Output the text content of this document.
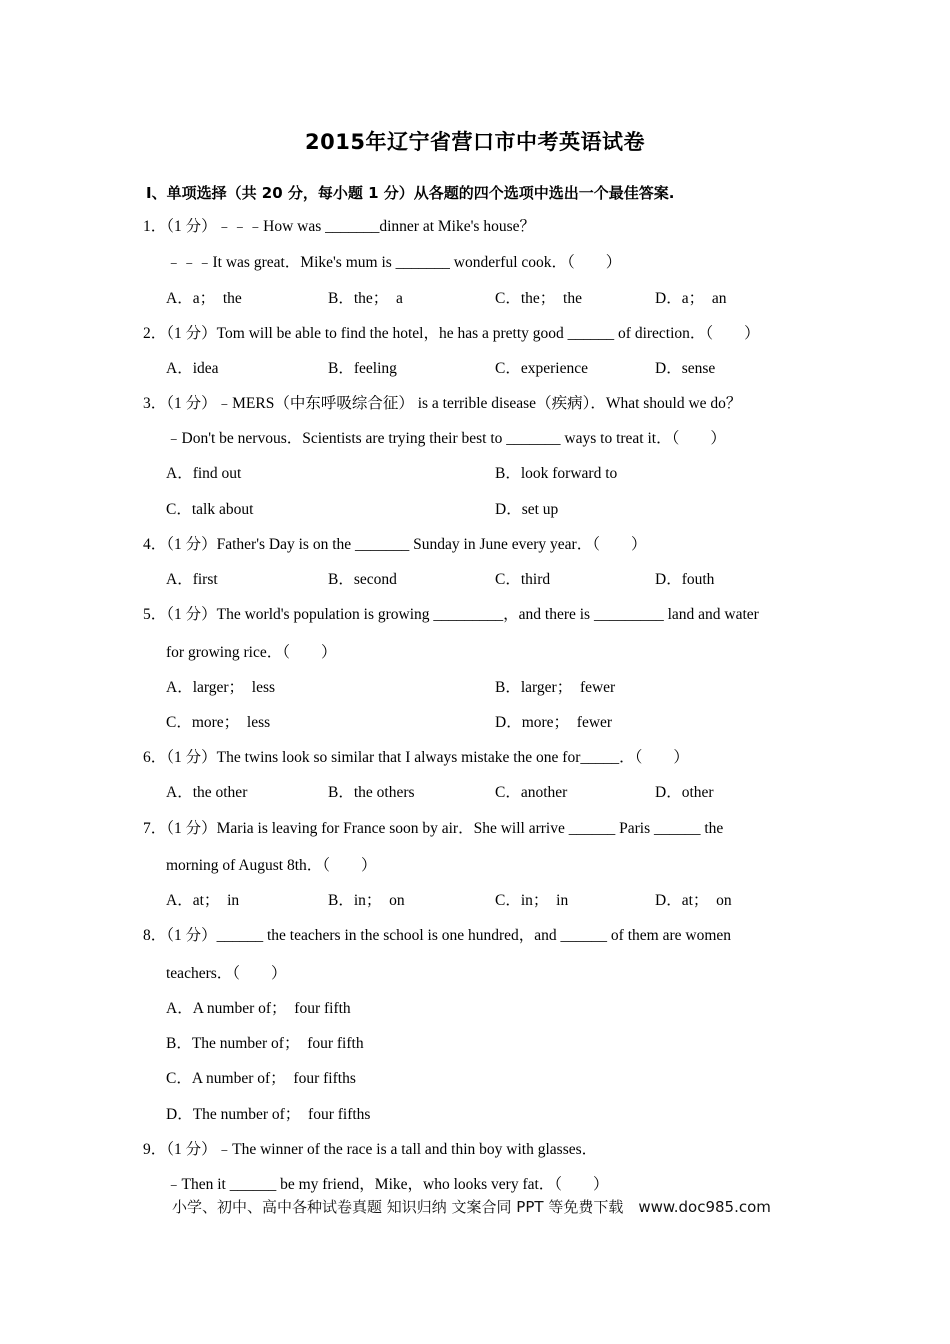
2015年辽宁省营口市中考英语试卷
I、单项选择（共 20 分，每小题 1 分）从各题的四个选项中选出一个最佳答案.
1．（1 分）﹣﹣﹣How was _______dinner at Mike's house？
﹣﹣﹣It was great．Mike's mum is _______ wonderful cook．（　　）
A．a；　the	B．the；　a	C．the；　the	D．a；　an
2．（1 分）Tom will be able to find the hotel，he has a pretty good ______ of direction．（　　）
A．idea	B．feeling	C．experience	D．sense
3．（1 分）﹣MERS（中东呼吸综合征） is a terrible disease（疾病）．What should we do？
﹣Don't be nervous．Scientists are trying their best to _______ ways to treat it．（　　）
A．find out	B．look forward to
C．talk about	D．set up
4．（1 分）Father's Day is on the _______ Sunday in June every year．（　　）
A．first	B．second	C．third	D．fouth
5．（1 分）The world's population is growing _________，and there is _________ land and water
for growing rice．（　　）
A．larger；　less	B．larger；　fewer
C．more；　less	D．more；　fewer
6．（1 分）The twins look so similar that I always mistake the one for_____．（　　）
A．the other	B．the others	C．another	D．other
7．（1 分）Maria is leaving for France soon by air．She will arrive ______ Paris ______ the
morning of August 8th．（　　）
A．at；　in	B．in；　on	C．in；　in	D．at；　on
8．（1 分）______ the teachers in the school is one hundred，and ______ of them are women
teachers．（　　）
A．A number of；　four fifth
B．The number of；　four fifth
C．A number of；　four fifths
D．The number of；　four fifths
9．（1 分）﹣The winner of the race is a tall and thin boy with glasses．
﹣Then it ______ be my friend，Mike，who looks very fat．（　　）
小学、初中、高中各种试卷真题 知识归纳 文案合同 PPT 等免费下载　www.doc985.com
